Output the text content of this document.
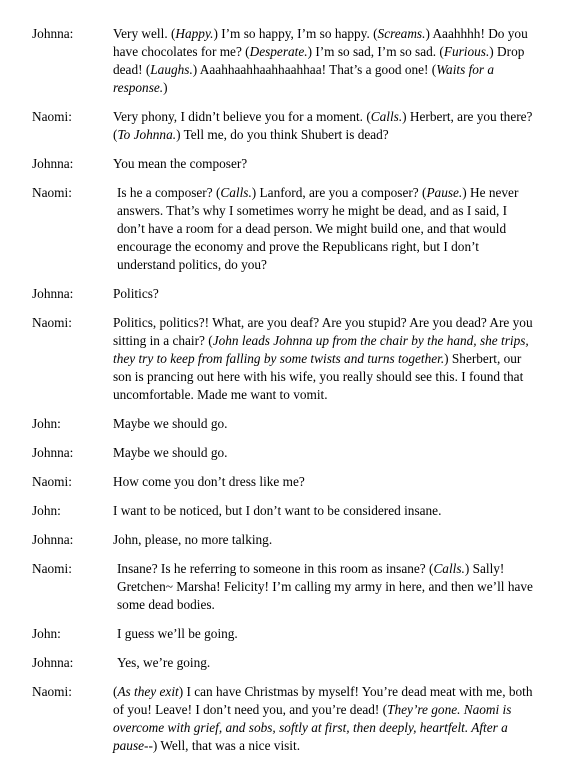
Johnna:	Very well. (Happy.) I’m so happy, I’m so happy. (Screams.) Aaahhhh! Do you have chocolates for me? (Desperate.) I’m so sad, I’m so sad. (Furious.) Drop dead! (Laughs.) Aaahhaahhaahhaahhaa! That’s a good one! (Waits for a response.)
Naomi:	Very phony, I didn’t believe you for a moment. (Calls.) Herbert, are you there? (To Johnna.) Tell me, do you think Shubert is dead?
Johnna:	You mean the composer?
Naomi:	Is he a composer? (Calls.) Lanford, are you a composer? (Pause.) He never answers. That’s why I sometimes worry he might be dead, and as I said, I don’t have a room for a dead person. We might build one, and that would encourage the economy and prove the Republicans right, but I don’t understand politics, do you?
Johnna:	Politics?
Naomi:	Politics, politics?! What, are you deaf? Are you stupid? Are you dead? Are you sitting in a chair? (John leads Johnna up from the chair by the hand, she trips, they try to keep from falling by some twists and turns together.) Sherbert, our son is prancing out here with his wife, you really should see this. I found that uncomfortable. Made me want to vomit.
John:	Maybe we should go.
Johnna:	Maybe we should go.
Naomi:	How come you don’t dress like me?
John:	I want to be noticed, but I don’t want to be considered insane.
Johnna:	John, please, no more talking.
Naomi:	Insane? Is he referring to someone in this room as insane? (Calls.) Sally! Gretchen~ Marsha! Felicity! I’m calling my army in here, and then we’ll have some dead bodies.
John:	I guess we’ll be going.
Johnna:	Yes, we’re going.
Naomi:	(As they exit) I can have Christmas by myself! You’re dead meat with me, both of you! Leave! I don’t need you, and you’re dead! (They’re gone. Naomi is overcome with grief, and sobs, softly at first, then deeply, heartfelt. After a pause--) Well, that was a nice visit.
